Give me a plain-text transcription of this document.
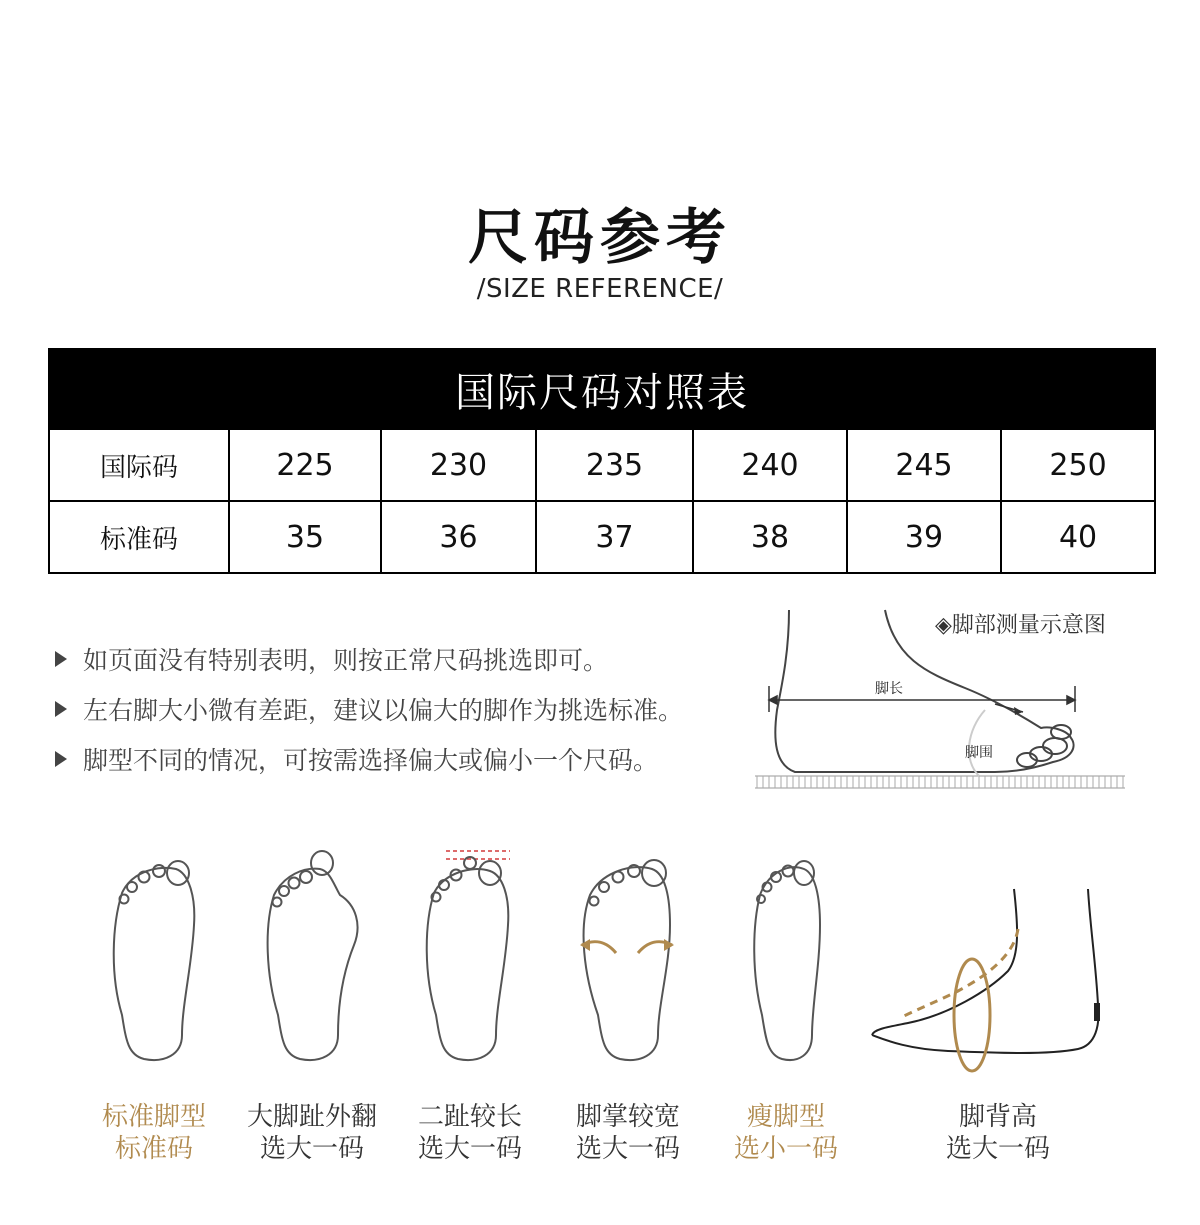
尺码参考
/SIZE REFERENCE/
国际尺码对照表						
国际码	225	230	235	240	245	250
标准码	35	36	37	38	39	40
如页面没有特别表明，则按正常尺码挑选即可。
左右脚大小微有差距，建议以偏大的脚作为挑选标准。
脚型不同的情况，可按需选择偏大或偏小一个尺码。
◈脚部测量示意图
脚长
脚围
标准脚型
标准码
大脚趾外翻
选大一码
二趾较长
选大一码
脚掌较宽
选大一码
瘦脚型
选小一码
脚背高
选大一码
